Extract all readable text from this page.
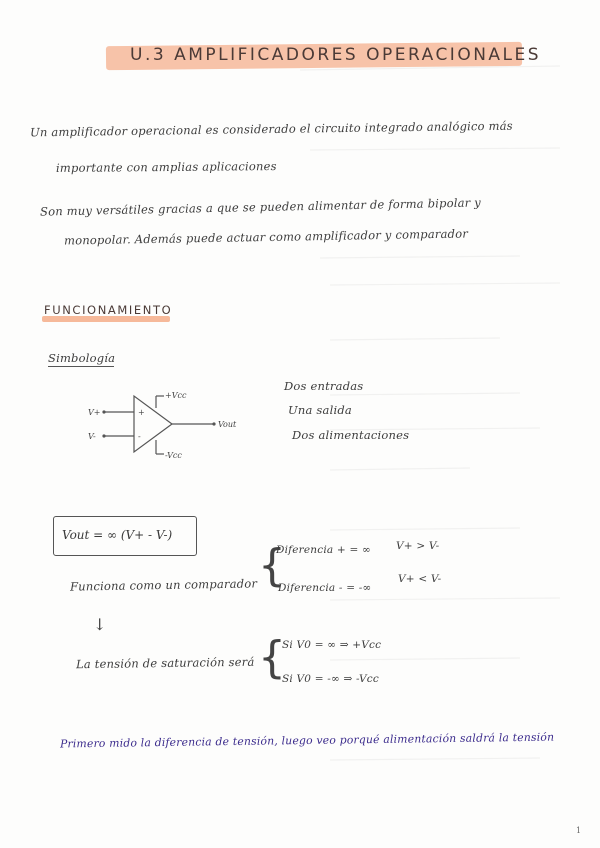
U.3 AMPLIFICADORES OPERACIONALES
Un amplificador operacional es considerado el circuito integrado analógico más
importante con amplias aplicaciones
Son muy versátiles gracias a que se pueden alimentar de forma bipolar y
monopolar. Además puede actuar como amplificador y comparador
FUNCIONAMIENTO
Simbología
V+
V-
+Vcc
-Vcc
Vout
+
-
Dos entradas
Una salida
Dos alimentaciones
Vout = ∞ (V+ - V-)
Funciona como un comparador {
Diferencia + = ∞ V+ > V-
Diferencia - = -∞
V+ < V-
↓
La tensión de saturación será {
Si V0 = ∞ ⇒ +Vcc
Si V0 = -∞ ⇒ -Vcc
Primero mido la diferencia de tensión, luego veo porqué alimentación saldrá la tensión
1
